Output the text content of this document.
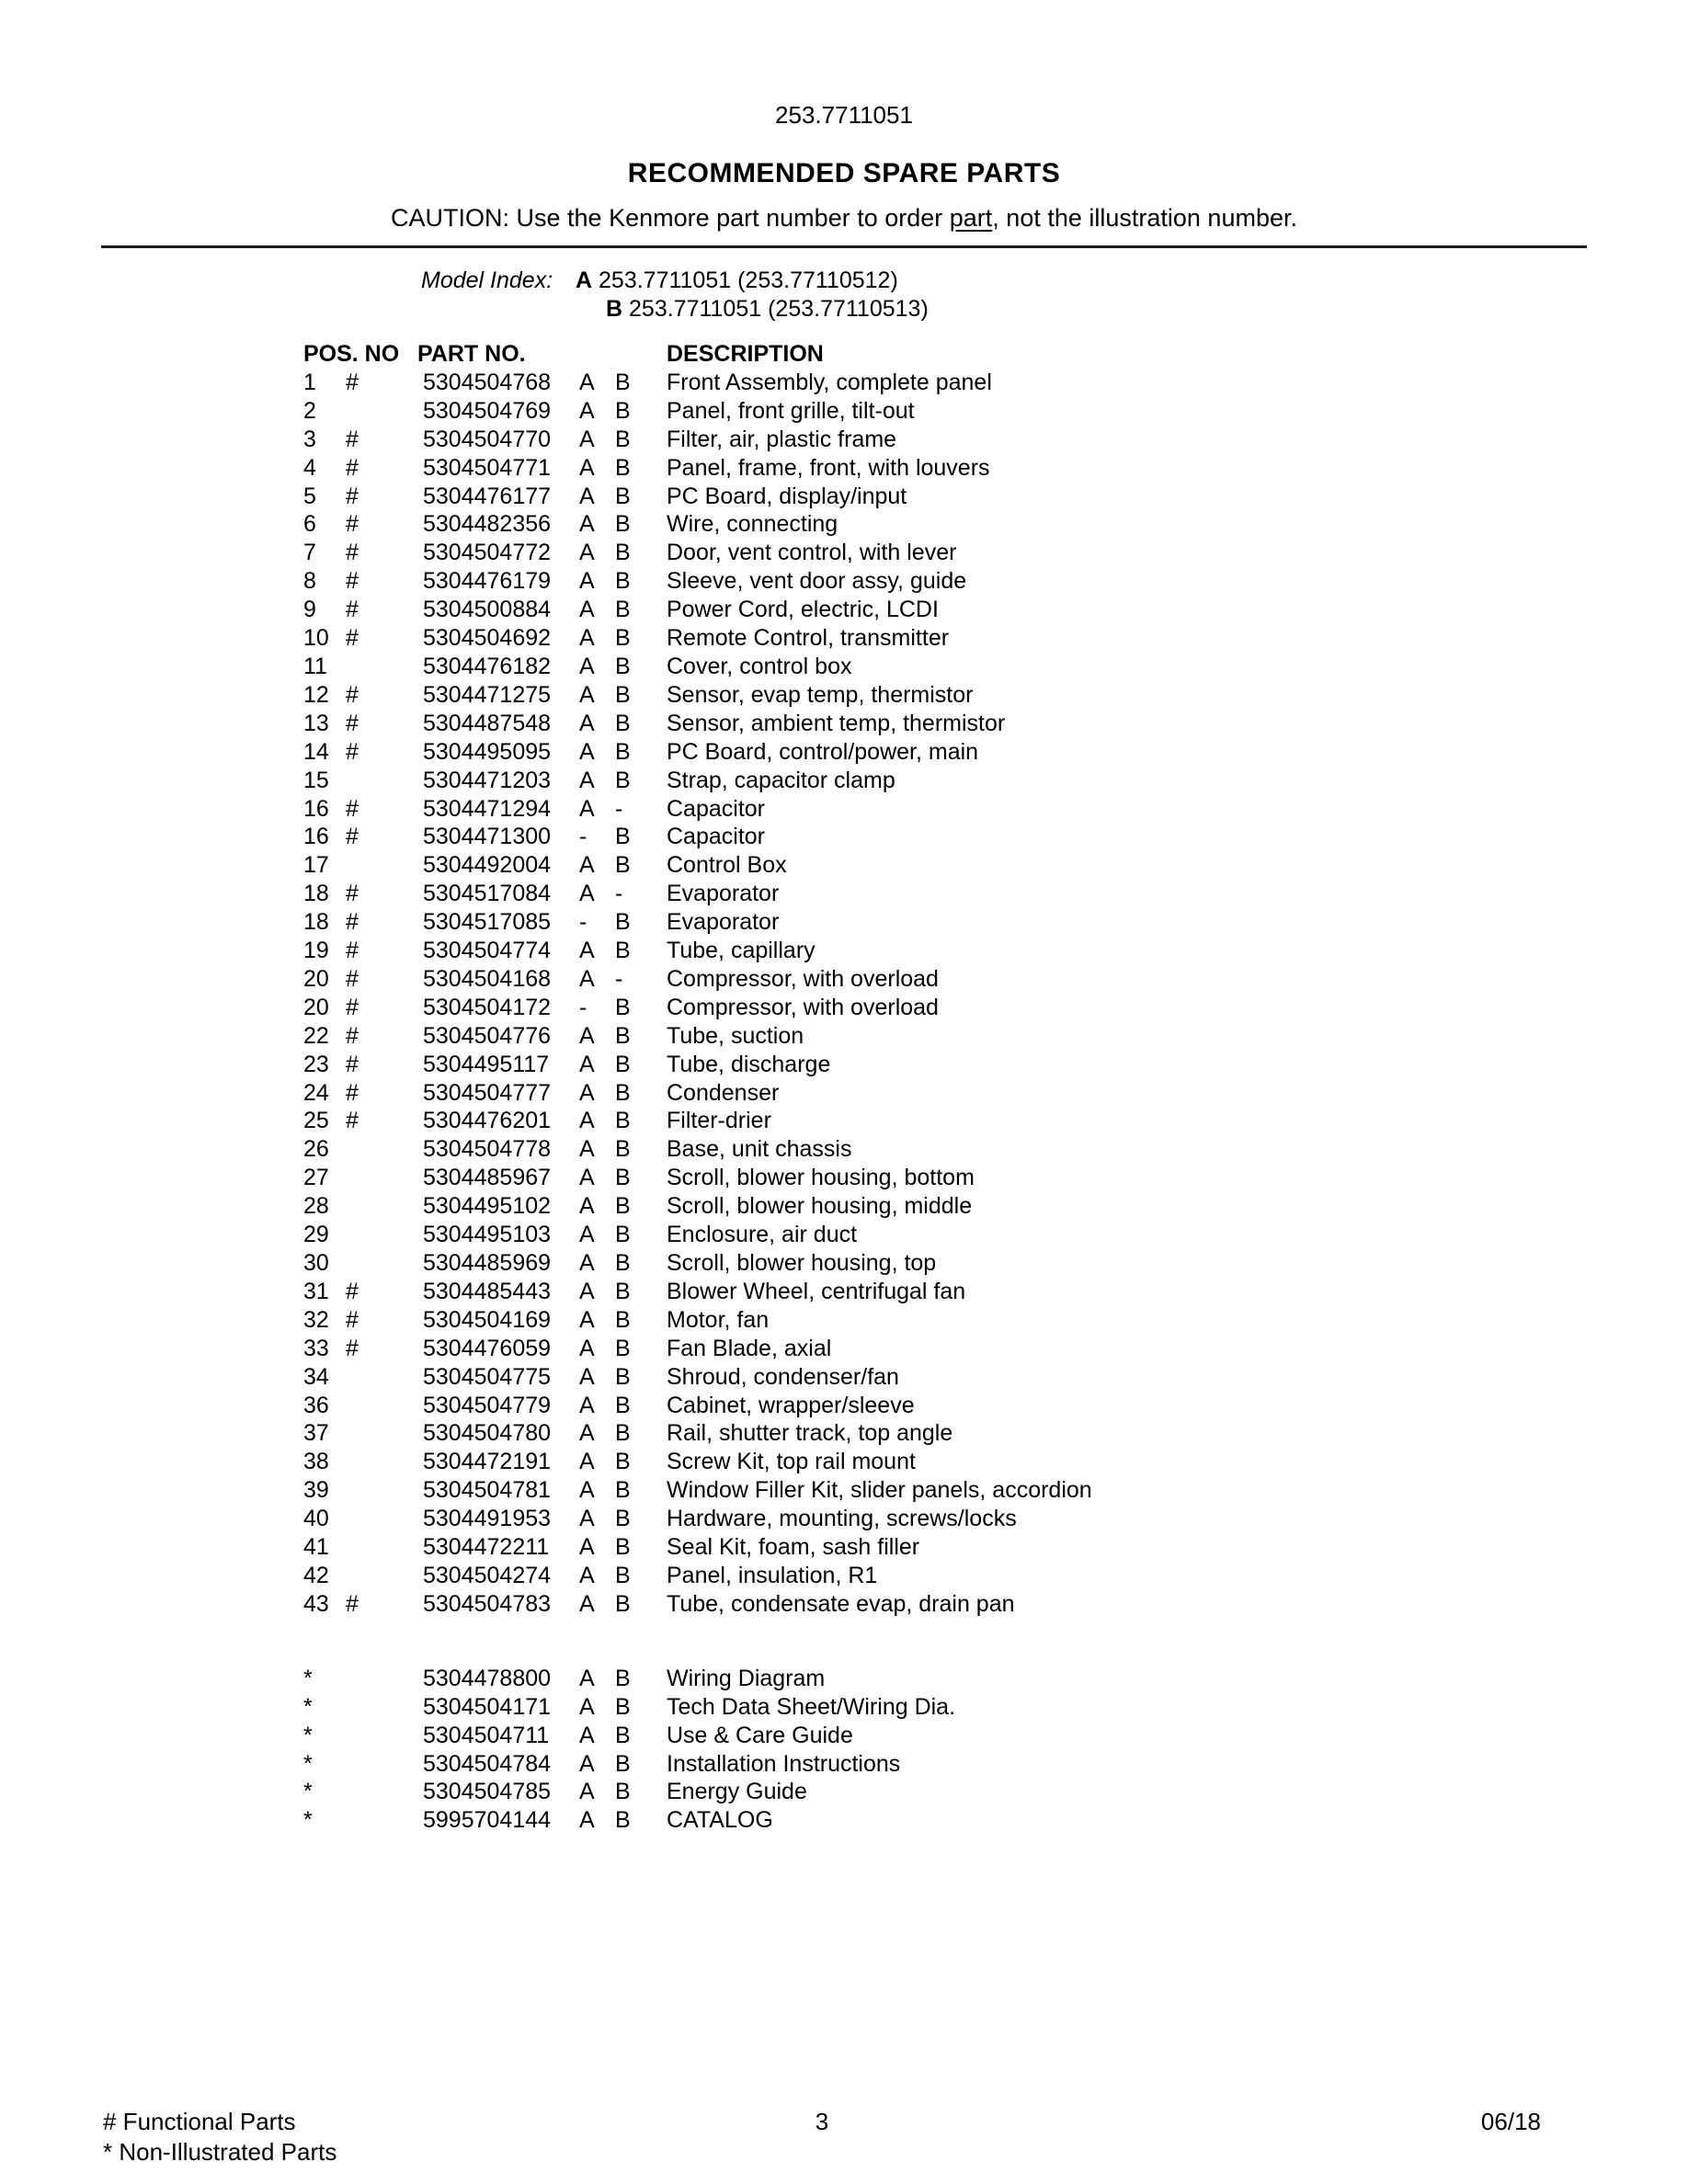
253.7711051
RECOMMENDED SPARE PARTS
CAUTION: Use the Kenmore part number to order part, not the illustration number.
Model Index: A 253.7711051 (253.77110512)
B 253.7711051 (253.77110513)
POS. NO PART NO.	DESCRIPTION
1	#	5304504768	A B	Front Assembly, complete panel
2	5304504769	A B	Panel, front grille, tilt-out
3	#	5304504770	A B	Filter, air, plastic frame
4	#	5304504771	A B	Panel, frame, front, with louvers
5	#	5304476177	A B	PC Board, display/input
6	#	5304482356	A B	Wire, connecting
7	#	5304504772	A B	Door, vent control, with lever
8	#	5304476179	A B	Sleeve, vent door assy, guide
9	#	5304500884	A B	Power Cord, electric, LCDI
10 #	5304504692	A B	Remote Control, transmitter
11	5304476182	A B	Cover, control box
12 #	5304471275	A B	Sensor, evap temp, thermistor
13 #	5304487548	A B	Sensor, ambient temp, thermistor
14 #	5304495095	A B	PC Board, control/power, main
15	5304471203	A B	Strap, capacitor clamp
16 #	5304471294	A -	Capacitor
16 #	5304471300	-	B	Capacitor
17	5304492004	A B	Control Box
18 #	5304517084	A -	Evaporator
18 #	5304517085	-	B	Evaporator
19 #	5304504774	A B	Tube, capillary
20 #	5304504168	A -	Compressor, with overload
20 #	5304504172	-	B	Compressor, with overload
22 #	5304504776	A B	Tube, suction
23 #	5304495117	A B	Tube, discharge
24 #	5304504777	A B	Condenser
25 #	5304476201	A B	Filter-drier
26	5304504778	A B	Base, unit chassis
27	5304485967	A B	Scroll, blower housing, bottom
28	5304495102	A B	Scroll, blower housing, middle
29	5304495103	A B	Enclosure, air duct
30	5304485969	A B	Scroll, blower housing, top
31 #	5304485443	A B	Blower Wheel, centrifugal fan
32 #	5304504169	A B	Motor, fan
33 #	5304476059	A B	Fan Blade, axial
34	5304504775	A B	Shroud, condenser/fan
36	5304504779	A B	Cabinet, wrapper/sleeve
37	5304504780	A B	Rail, shutter track, top angle
38	5304472191	A B	Screw Kit, top rail mount
39	5304504781	A B	Window Filler Kit, slider panels, accordion
40	5304491953	A B	Hardware, mounting, screws/locks
41	5304472211	A B	Seal Kit, foam, sash filler
42	5304504274	A B	Panel, insulation, R1
43 #	5304504783	A B	Tube, condensate evap, drain pan
*	5304478800	A B	Wiring Diagram
*	5304504171	A B	Tech Data Sheet/Wiring Dia.
*	5304504711	A B	Use & Care Guide
*	5304504784	A B	Installation Instructions
*	5304504785	A B	Energy Guide
*	5995704144	A B	CATALOG
# Functional Parts
* Non-Illustrated Parts
3	06/18
